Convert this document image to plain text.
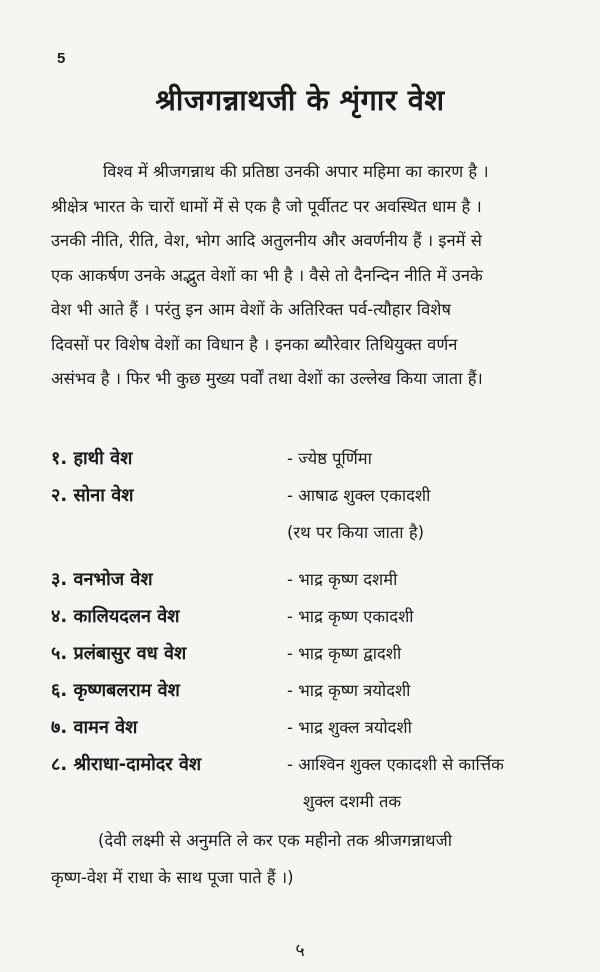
5
श्रीजगन्नाथजी के शृंगार वेश
विश्व में श्रीजगन्नाथ की प्रतिष्ठा उनकी अपार महिमा का कारण है ।
श्रीक्षेत्र भारत के चारों धामों में से एक है जो पूर्वीतट पर अवस्थित धाम है ।
उनकी नीति, रीति, वेश, भोग आदि अतुलनीय और अवर्णनीय हैं । इनमें से
एक आकर्षण उनके अद्भुत वेशों का भी है । वैसे तो दैनन्दिन नीति में उनके
वेश भी आते हैं । परंतु इन आम वेशों के अतिरिक्त पर्व-त्यौहार विशेष
दिवसों पर विशेष वेशों का विधान है । इनका ब्यौरेवार तिथियुक्त वर्णन
असंभव है । फिर भी कुछ मुख्य पर्वों तथा वेशों का उल्लेख किया जाता हैं।
१. हाथी वेश	- ज्येष्ठ पूर्णिमा
२. सोना वेश	- आषाढ शुक्ल एकादशी
(रथ पर किया जाता है)
३. वनभोज वेश	- भाद्र कृष्ण दशमी
४. कालियदलन वेश	- भाद्र कृष्ण एकादशी
५. प्रलंबासुर वध वेश	- भाद्र कृष्ण द्वादशी
६. कृष्णबलराम वेश	- भाद्र कृष्ण त्रयोदशी
७. वामन वेश	- भाद्र शुक्ल त्रयोदशी
८. श्रीराधा-दामोदर वेश	- आश्विन शुक्ल एकादशी से कार्त्तिक
शुक्ल दशमी तक
(देवी लक्ष्मी से अनुमति ले कर एक महीनो तक श्रीजगन्नाथजी
कृष्ण-वेश में राधा के साथ पूजा पाते हैं ।)
५
